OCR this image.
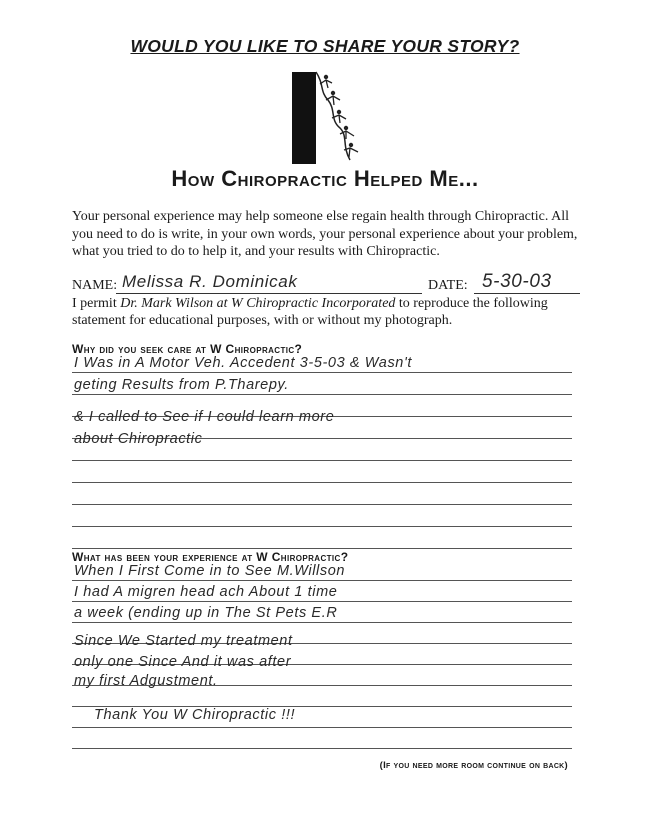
WOULD YOU LIKE TO SHARE YOUR STORY?
How Chiropractic Helped Me...

Your personal experience may help someone else regain health through Chiropractic. All you need to do is write, in your own words, your personal experience about your problem, what you tried to do to help it, and your results with Chiropractic.

NAME: Melissa R. Dominicak	DATE: 5-30-03

I permit Dr. Mark Wilson at W Chiropractic Incorporated to reproduce the following statement for educational purposes, with or without my photograph.

Why did you seek care at W Chiropractic?
I Was in A Motor Veh. Accedent 3-5-03 & Wasn't
geting Results from P.Tharepy.
& I called to See if I could learn more
about Chiropractic
What has been your experience at W Chiropractic?
When I First Come in to See M.Willson
I had A migren head ach About 1 time
a week (ending up in The St Pets E.R
Since We Started my treatment
only one Since And it was after
my first Adgustment.
Thank You W Chiropractic !!!
(If you need more room continue on back)
